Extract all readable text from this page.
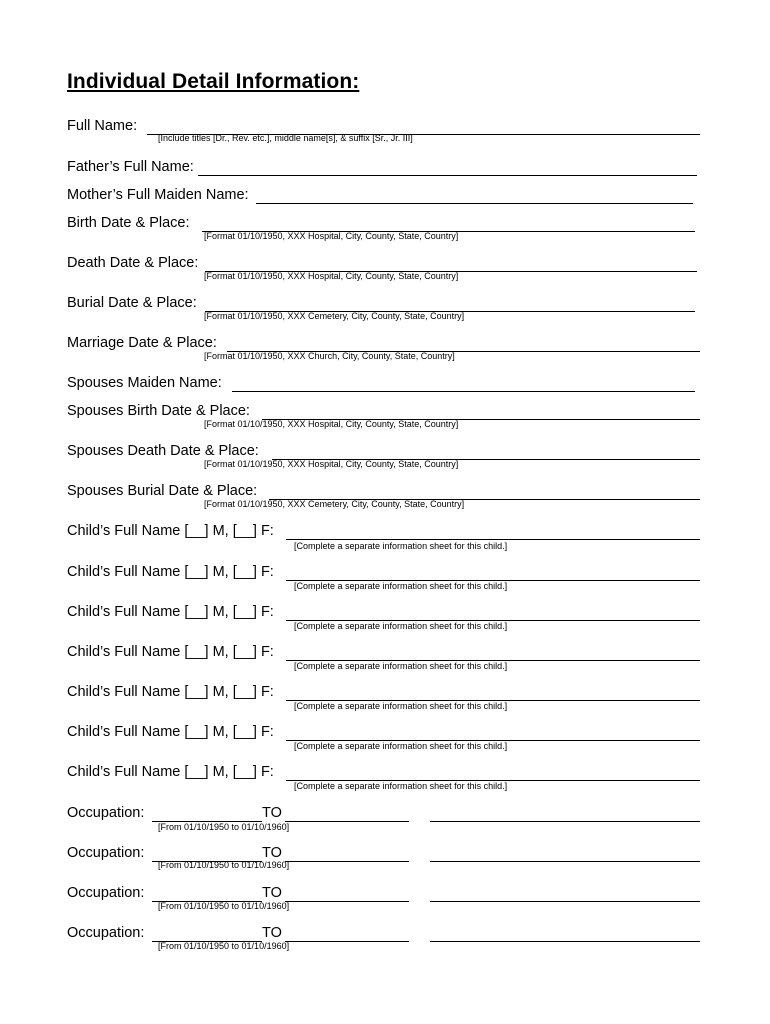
Individual Detail Information:
Full Name:
[Include titles [Dr., Rev. etc.], middle name[s], & suffix [Sr., Jr. III]
Father’s Full Name:
Mother’s Full Maiden Name:
Birth Date & Place:
[Format 01/10/1950, XXX Hospital, City, County, State, Country]
Death Date & Place:
[Format 01/10/1950, XXX Hospital, City, County, State, Country]
Burial Date & Place:
[Format 01/10/1950, XXX Cemetery, City, County, State, Country]
Marriage Date & Place:
[Format 01/10/1950, XXX Church, City, County, State, Country]
Spouses Maiden Name:
Spouses Birth Date & Place:
[Format 01/10/1950, XXX Hospital, City, County, State, Country]
Spouses Death Date & Place:
[Format 01/10/1950, XXX Hospital, City, County, State, Country]
Spouses Burial Date & Place:
[Format 01/10/1950, XXX Cemetery, City, County, State, Country]
Child’s Full Name [__] M, [__] F:
[Complete a separate information sheet for this child.]
Child’s Full Name [__] M, [__] F:
[Complete a separate information sheet for this child.]
Child’s Full Name [__] M, [__] F:
[Complete a separate information sheet for this child.]
Child’s Full Name [__] M, [__] F:
[Complete a separate information sheet for this child.]
Child’s Full Name [__] M, [__] F:
[Complete a separate information sheet for this child.]
Child’s Full Name [__] M, [__] F:
[Complete a separate information sheet for this child.]
Child’s Full Name [__] M, [__] F:
[Complete a separate information sheet for this child.]
Occupation:	TO
[From 01/10/1950 to 01/10/1960]
Occupation:	TO
[From 01/10/1950 to 01/10/1960]
Occupation:	TO
[From 01/10/1950 to 01/10/1960]
Occupation:	TO
[From 01/10/1950 to 01/10/1960]
